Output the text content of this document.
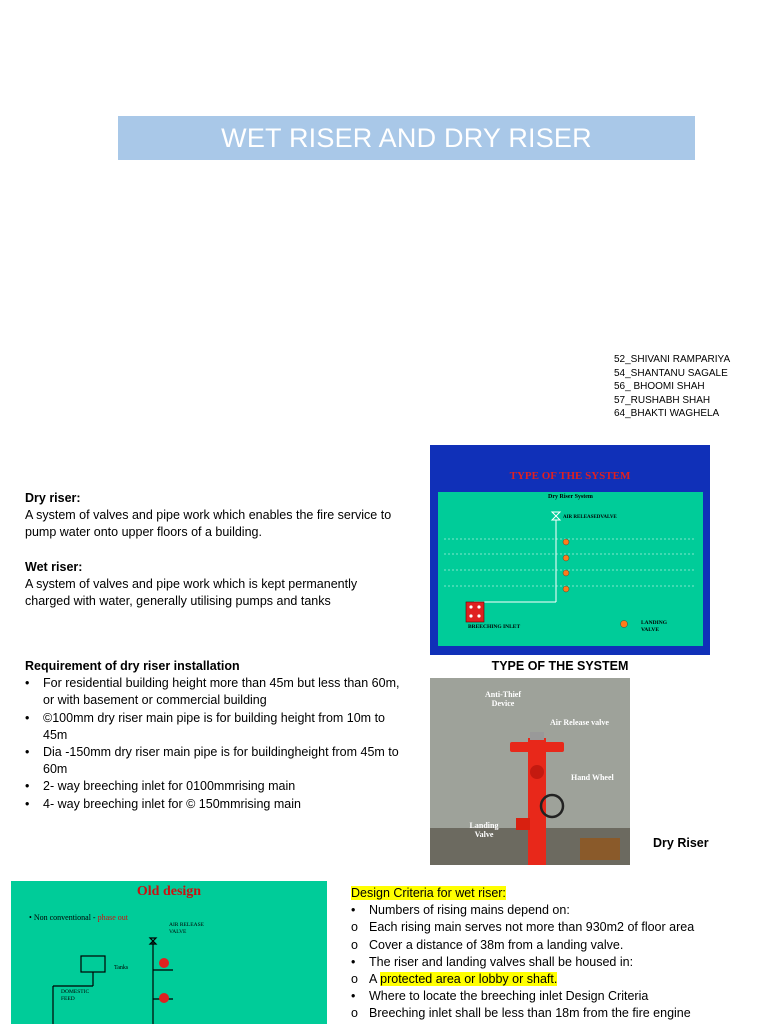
WET RISER AND DRY RISER
52_SHIVANI RAMPARIYA
54_SHANTANU SAGALE
56_ BHOOMI SHAH
57_RUSHABH SHAH
64_BHAKTI WAGHELA
Dry riser:
A system of valves and pipe work which enables the fire service to pump water onto upper floors of a building.
Wet riser:
A system of valves and pipe work which is kept permanently charged with water, generally utilising pumps and tanks
Requirement of dry riser installation
• For residential building height more than 45m but less than 60m, or with basement or commercial building
• ©100mm dry riser main pipe is for building height from 10m to 45m
• Dia -150mm dry riser main pipe is for buildingheight from 45m to 60m
• 2- way breeching inlet for 0100mmrising main
• 4- way breeching inlet for © 150mmrising main
TYPE OF THE SYSTEM
Dry Riser System
AIR RELEASEDVALVE
BREECHING INLET
LANDING VALVE
TYPE OF THE SYSTEM
Anti-Thief Device
Air Release valve
Hand Wheel
Landing Valve
Dry Riser
Old design
• Non conventional - phase out
AIR RELEASE VALVE
Tanks
DOMESTIC FEED
Design Criteria for wet riser:
• Numbers of rising mains depend on:
o Each rising main serves not more than 930m2 of floor area
o Cover a distance of 38m from a landing valve.
• The riser and landing valves shall be housed in:
o A protected area or lobby or shaft.
• Where to locate the breeching inlet Design Criteria
o Breeching inlet shall be less than 18m from the fire engine
